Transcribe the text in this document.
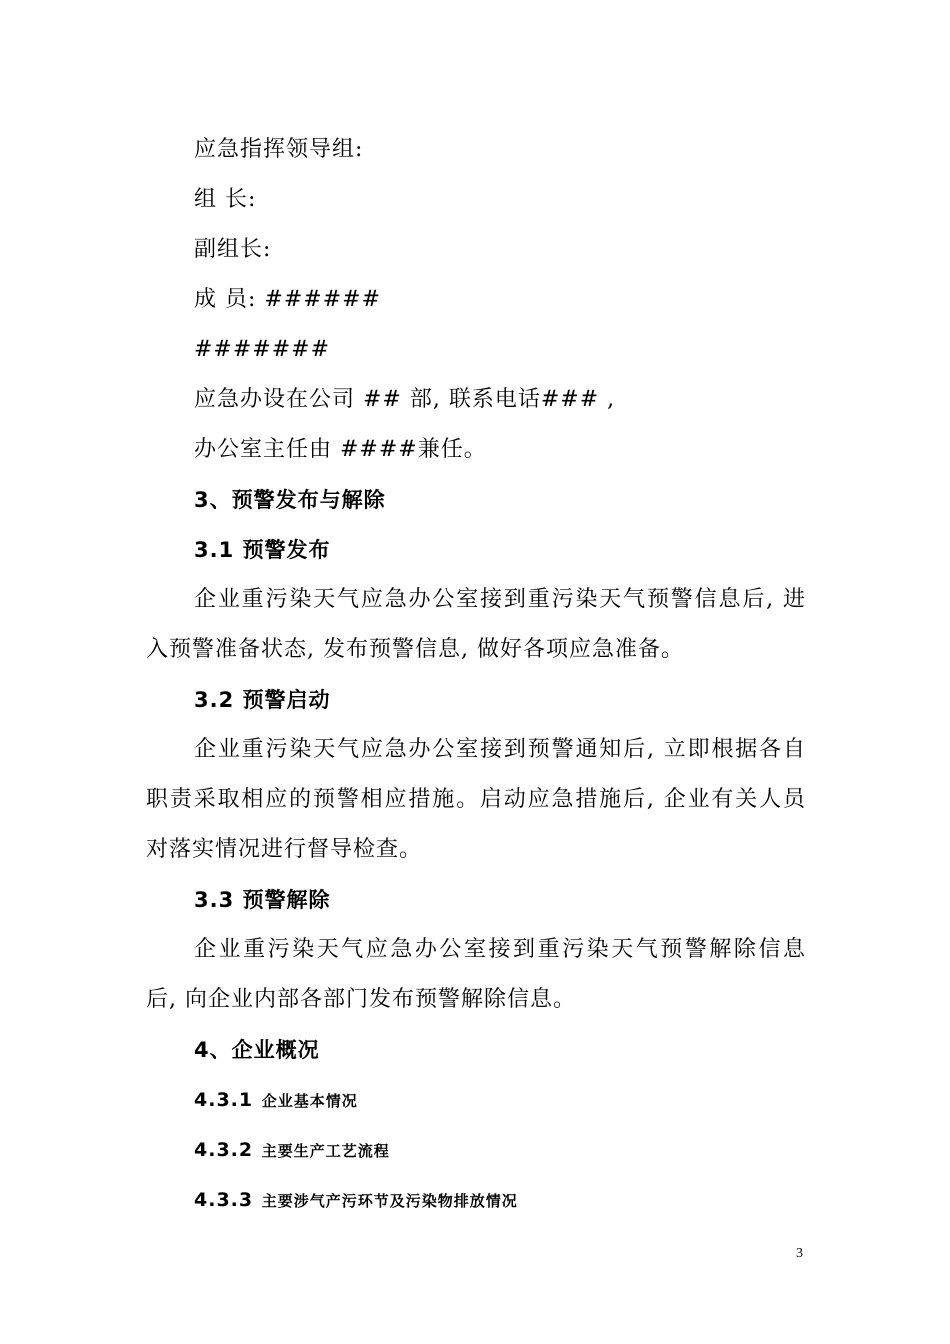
应急指挥领导组:
组 长:
副组长:
成 员: ######
#######
应急办设在公司 ## 部, 联系电话### ,
办公室主任由 ####兼任。
3、预警发布与解除
3.1 预警发布
企业重污染天气应急办公室接到重污染天气预警信息后, 进
入预警准备状态, 发布预警信息, 做好各项应急准备。
3.2 预警启动
企业重污染天气应急办公室接到预警通知后, 立即根据各自
职责采取相应的预警相应措施。启动应急措施后, 企业有关人员
对落实情况进行督导检查。
3.3 预警解除
企业重污染天气应急办公室接到重污染天气预警解除信息
后, 向企业内部各部门发布预警解除信息。
4、企业概况
4.3.1 企业基本情况
4.3.2 主要生产工艺流程
4.3.3 主要涉气产污环节及污染物排放情况
3
